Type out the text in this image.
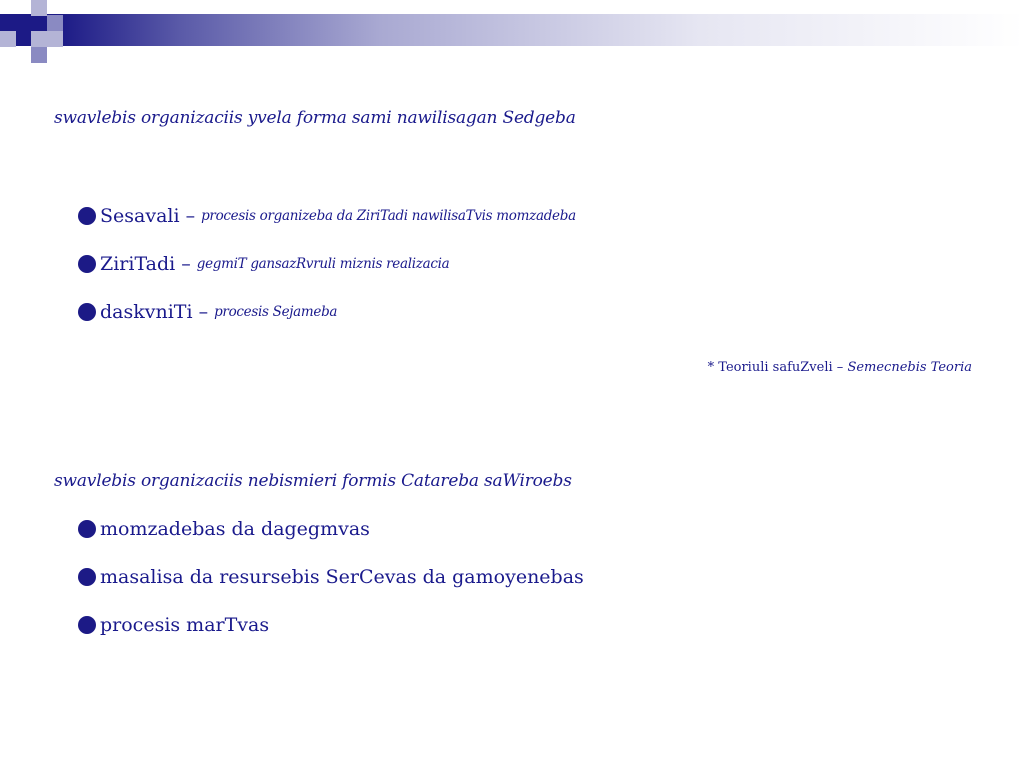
swavlebis organizaciis yvela forma sami nawilisagan Sedgeba
Sesavali – procesis organizeba da ZiriTadi nawilisaTvis momzadeba
ZiriTadi – gegmiT gansazRvruli miznis realizacia
daskvniTi – procesis Sejameba
* Teoriuli safuZveli – Semecnebis Teoria
swavlebis organizaciis nebismieri formis Catareba saWiroebs
momzadebas da dagegmvas
masalisa da resursebis SerCevas da gamoyenebas
procesis marTvas
